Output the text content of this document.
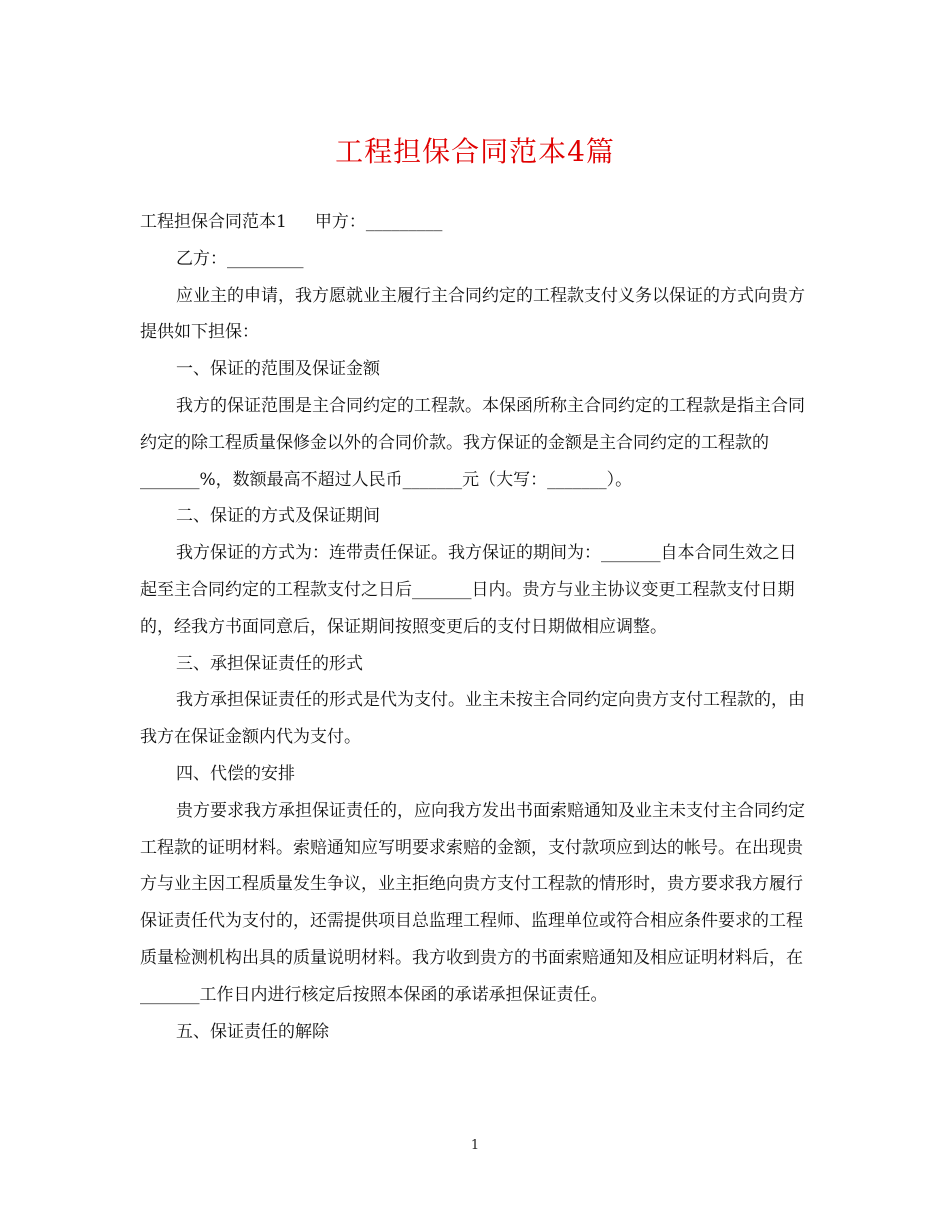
工程担保合同范本4篇

工程担保合同范本1 甲方：_________

乙方：_________

应业主的申请，我方愿就业主履行主合同约定的工程款支付义务以保证的方式向贵方提供如下担保：

一、保证的范围及保证金额

我方的保证范围是主合同约定的工程款。本保函所称主合同约定的工程款是指主合同约定的除工程质量保修金以外的合同价款。我方保证的金额是主合同约定的工程款的_______%，数额最高不超过人民币_______元（大写：_______）。

二、保证的方式及保证期间

我方保证的方式为：连带责任保证。我方保证的期间为：_______自本合同生效之日起至主合同约定的工程款支付之日后_______日内。贵方与业主协议变更工程款支付日期的，经我方书面同意后，保证期间按照变更后的支付日期做相应调整。

三、承担保证责任的形式

我方承担保证责任的形式是代为支付。业主未按主合同约定向贵方支付工程款的，由我方在保证金额内代为支付。

四、代偿的安排

贵方要求我方承担保证责任的，应向我方发出书面索赔通知及业主未支付主合同约定工程款的证明材料。索赔通知应写明要求索赔的金额，支付款项应到达的帐号。在出现贵方与业主因工程质量发生争议，业主拒绝向贵方支付工程款的情形时，贵方要求我方履行保证责任代为支付的，还需提供项目总监理工程师、监理单位或符合相应条件要求的工程质量检测机构出具的质量说明材料。我方收到贵方的书面索赔通知及相应证明材料后，在_______工作日内进行核定后按照本保函的承诺承担保证责任。

五、保证责任的解除

1
